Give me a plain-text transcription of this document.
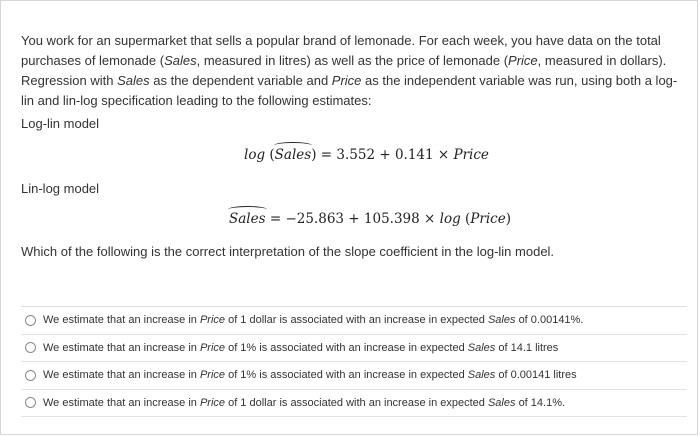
You work for an supermarket that sells a popular brand of lemonade. For each week, you have data on the total purchases of lemonade (Sales, measured in litres) as well as the price of lemonade (Price, measured in dollars). Regression with Sales as the dependent variable and Price as the independent variable was run, using both a log-lin and lin-log specification leading to the following estimates:
Log-lin model
log (Sales) = 3.552 + 0.141 × Price
Lin-log model
Sales = −25.863 + 105.398 × log (Price)
Which of the following is the correct interpretation of the slope coefficient in the log-lin model.
We estimate that an increase in Price of 1 dollar is associated with an increase in expected Sales of 0.00141%.
We estimate that an increase in Price of 1% is associated with an increase in expected Sales of 14.1 litres
We estimate that an increase in Price of 1% is associated with an increase in expected Sales of 0.00141 litres
We estimate that an increase in Price of 1 dollar is associated with an increase in expected Sales of 14.1%.
